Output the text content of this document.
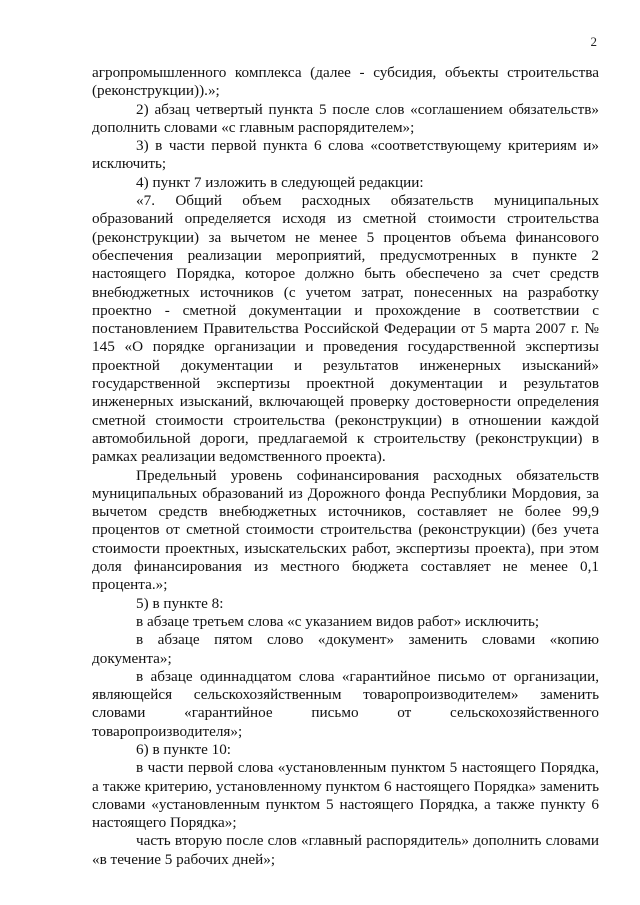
2

агропромышленного комплекса (далее - субсидия, объекты строительства (реконструкции)).»;

2) абзац четвертый пункта 5 после слов «соглашением обязательств» дополнить словами «с главным распорядителем»;

3) в части первой пункта 6 слова «соответствующему критериям и» исключить;

4) пункт 7 изложить в следующей редакции:

«7. Общий объем расходных обязательств муниципальных образований определяется исходя из сметной стоимости строительства (реконструкции) за вычетом не менее 5 процентов объема финансового обеспечения реализации мероприятий, предусмотренных в пункте 2 настоящего Порядка, которое должно быть обеспечено за счет средств внебюджетных источников (с учетом затрат, понесенных на разработку проектно - сметной документации и прохождение в соответствии с постановлением Правительства Российской Федерации от 5 марта 2007 г. № 145 «О порядке организации и проведения государственной экспертизы проектной документации и результатов инженерных изысканий» государственной экспертизы проектной документации и результатов инженерных изысканий, включающей проверку достоверности определения сметной стоимости строительства (реконструкции) в отношении каждой автомобильной дороги, предлагаемой к строительству (реконструкции) в рамках реализации ведомственного проекта).

Предельный уровень софинансирования расходных обязательств муниципальных образований из Дорожного фонда Республики Мордовия, за вычетом средств внебюджетных источников, составляет не более 99,9 процентов от сметной стоимости строительства (реконструкции) (без учета стоимости проектных, изыскательских работ, экспертизы проекта), при этом доля финансирования из местного бюджета составляет не менее 0,1 процента.»;

5) в пункте 8:

в абзаце третьем слова «с указанием видов работ» исключить;

в абзаце пятом слово «документ» заменить словами «копию документа»;

в абзаце одиннадцатом слова «гарантийное письмо от организации, являющейся сельскохозяйственным товаропроизводителем» заменить словами «гарантийное письмо от сельскохозяйственного товаропроизводителя»;

6) в пункте 10:

в части первой слова «установленным пунктом 5 настоящего Порядка, а также критерию, установленному пунктом 6 настоящего Порядка» заменить словами «установленным пунктом 5 настоящего Порядка, а также пункту 6 настоящего Порядка»;

часть вторую после слов «главный распорядитель» дополнить словами «в течение 5 рабочих дней»;
